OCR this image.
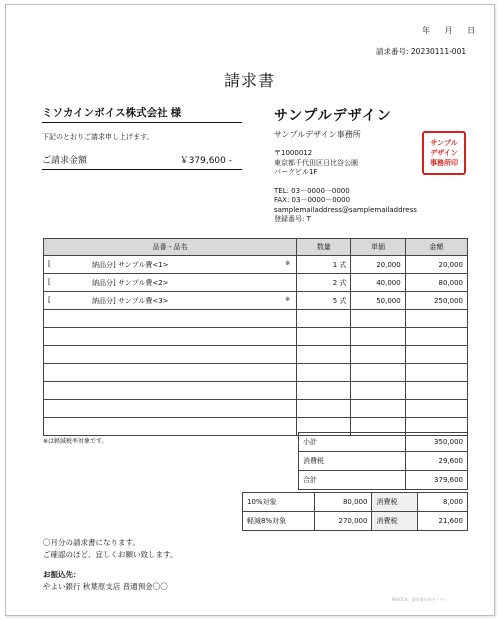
年 月 日
請求番号: 20230111-001
請求書
ミソカインボイス株式会社 様
下記のとおりご請求申し上げます。
ご請求金額	￥379,600 -
サンプルデザイン
サンプルデザイン事務所
〒1000012
東京都千代田区日比谷公園
パークビル1F
TEL: 03－0000－0000
FAX: 03－0000－0000
samplemailaddress@samplemailaddress
登録番号: T
サンプル
デザイン
事務所印
品番・品名	数量	単価	金額

[ 納品分] サンプル費<1> ※	1 式	20,000	20,000

[ 納品分] サンプル費<2>	2 式	40,000	80,000

[ 納品分] サンプル費<3> ※	5 式	50,000	250,000

※は軽減税率対象です。	小計	350,000
消費税	29,600
合計	379,600
10%対象	80,000	消費税	8,000
軽減8%対象	270,000	消費税	21,600
〇月分の請求書になります。
ご確認のほど、宜しくお願い致します。
お振込先：
やよい銀行 秋葉原支店 普通預金〇〇
MISOCA · 請求書作成サービス
